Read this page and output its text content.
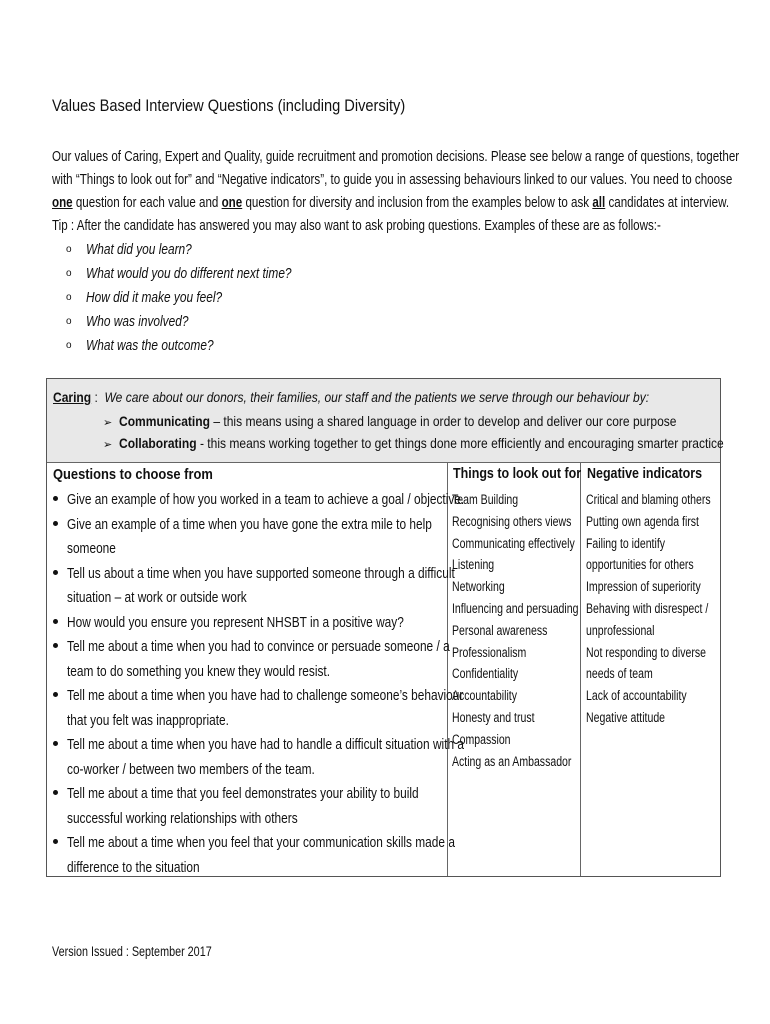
Values Based Interview Questions (including Diversity)
Our values of Caring, Expert and Quality, guide recruitment and promotion decisions. Please see below a range of questions, together
with “Things to look out for” and “Negative indicators”, to guide you in assessing behaviours linked to our values. You need to choose
one question for each value and one question for diversity and inclusion from the examples below to ask all candidates at interview.
Tip : After the candidate has answered you may also want to ask probing questions. Examples of these are as follows:-
o What did you learn?
o What would you do different next time?
o How did it make you feel?
o Who was involved?
o What was the outcome?
Caring : We care about our donors, their families, our staff and the patients we serve through our behaviour by:
➢ Communicating – this means using a shared language in order to develop and deliver our core purpose
➢ Collaborating - this means working together to get things done more efficiently and encouraging smarter practice
Questions to choose from
Give an example of how you worked in a team to achieve a goal / objective.
Give an example of a time when you have gone the extra mile to help
someone
Tell us about a time when you have supported someone through a difficult
situation – at work or outside work
How would you ensure you represent NHSBT in a positive way?
Tell me about a time when you had to convince or persuade someone / a
team to do something you knew they would resist.
Tell me about a time when you have had to challenge someone’s behaviour
that you felt was inappropriate.
Tell me about a time when you have had to handle a difficult situation with a
co-worker / between two members of the team.
Tell me about a time that you feel demonstrates your ability to build
successful working relationships with others
Tell me about a time when you feel that your communication skills made a
difference to the situation
Things to look out for
Team Building
Recognising others views
Communicating effectively
Listening
Networking
Influencing and persuading
Personal awareness
Professionalism
Confidentiality
Accountability
Honesty and trust
Compassion
Acting as an Ambassador
Negative indicators
Critical and blaming others
Putting own agenda first
Failing to identify
opportunities for others
Impression of superiority
Behaving with disrespect /
unprofessional
Not responding to diverse
needs of team
Lack of accountability
Negative attitude
Version Issued : September 2017
